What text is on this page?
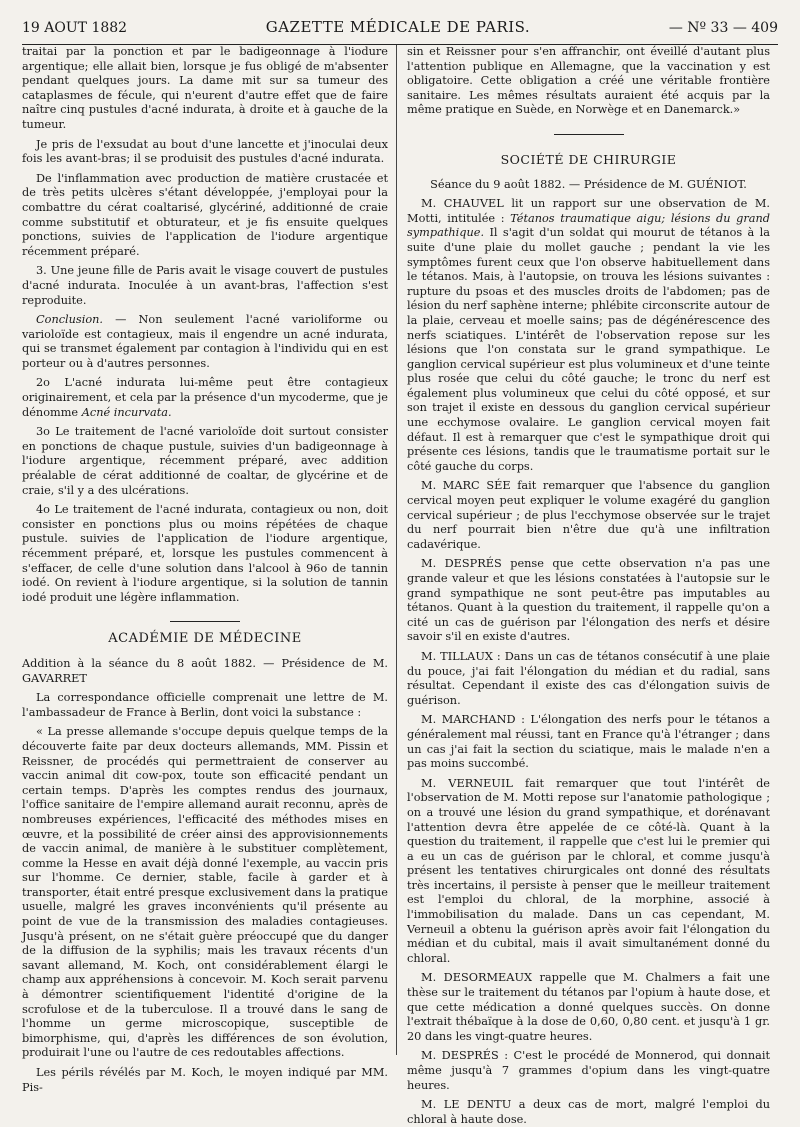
19 AOUT 1882	GAZETTE MÉDICALE DE PARIS.	— Nº 33 — 409

traitai par la ponction et par le badigeonnage à l'iodure argentique; elle allait bien, lorsque je fus obligé de m'absenter pendant quelques jours. La dame mit sur sa tumeur des cataplasmes de fécule, qui n'eurent d'autre effet que de faire naître cinq pustules d'acné indurata, à droite et à gauche de la tumeur.

Je pris de l'exsudat au bout d'une lancette et j'inoculai deux fois les avant-bras; il se produisit des pustules d'acné indurata.

De l'inflammation avec production de matière crustacée et de très petits ulcères s'étant développée, j'employai pour la combattre du cérat coaltarisé, glycériné, additionné de craie comme substitutif et obturateur, et je fis ensuite quelques ponctions, suivies de l'application de l'iodure argentique récemment préparé.

3. Une jeune fille de Paris avait le visage couvert de pustules d'acné indurata. Inoculée à un avant-bras, l'affection s'est reproduite.

Conclusion. — Non seulement l'acné varioliforme ou varioloïde est contagieux, mais il engendre un acné indurata, qui se transmet également par contagion à l'individu qui en est porteur ou à d'autres personnes.

2o L'acné indurata lui-même peut être contagieux originairement, et cela par la présence d'un mycoderme, que je dénomme Acné incurvata.

3o Le traitement de l'acné varioloïde doit surtout consister en ponctions de chaque pustule, suivies d'un badigeonnage à l'iodure argentique, récemment préparé, avec addition préalable de cérat additionné de coaltar, de glycérine et de craie, s'il y a des ulcérations.

4o Le traitement de l'acné indurata, contagieux ou non, doit consister en ponctions plus ou moins répétées de chaque pustule. suivies de l'application de l'iodure argentique, récemment préparé, et, lorsque les pustules commencent à s'effacer, de celle d'une solution dans l'alcool à 96o de tannin iodé. On revient à l'iodure argentique, si la solution de tannin iodé produit une légère inflammation.

ACADÉMIE DE MÉDECINE

Addition à la séance du 8 août 1882. — Présidence de M. GAVARRET

La correspondance officielle comprenait une lettre de M. l'ambassadeur de France à Berlin, dont voici la substance :

« La presse allemande s'occupe depuis quelque temps de la découverte faite par deux docteurs allemands, MM. Pissin et Reissner, de procédés qui permettraient de conserver au vaccin animal dit cow-pox, toute son efficacité pendant un certain temps. D'après les comptes rendus des journaux, l'office sanitaire de l'empire allemand aurait reconnu, après de nombreuses expériences, l'efficacité des méthodes mises en œuvre, et la possibilité de créer ainsi des approvisionnements de vaccin animal, de manière à le substituer complètement, comme la Hesse en avait déjà donné l'exemple, au vaccin pris sur l'homme. Ce dernier, stable, facile à garder et à transporter, était entré presque exclusivement dans la pratique usuelle, malgré les graves inconvénients qu'il présente au point de vue de la transmission des maladies contagieuses. Jusqu'à présent, on ne s'était guère préoccupé que du danger de la diffusion de la syphilis; mais les travaux récents d'un savant allemand, M. Koch, ont considérablement élargi le champ aux appréhensions à concevoir. M. Koch serait parvenu à démontrer scientifiquement l'identité d'origine de la scrofulose et de la tuberculose. Il a trouvé dans le sang de l'homme un germe microscopique, susceptible de bimorphisme, qui, d'après les différences de son évolution, produirait l'une ou l'autre de ces redoutables affections.

Les périls révélés par M. Koch, le moyen indiqué par MM. Pis-

sin et Reissner pour s'en affranchir, ont éveillé d'autant plus l'attention publique en Allemagne, que la vaccination y est obligatoire. Cette obligation a créé une véritable frontière sanitaire. Les mêmes résultats auraient été acquis par la même pratique en Suède, en Norwège et en Danemarck.»

SOCIÉTÉ DE CHIRURGIE

Séance du 9 août 1882. — Présidence de M. GUÉNIOT.

M. CHAUVEL lit un rapport sur une observation de M. Motti, intitulée : Tétanos traumatique aigu; lésions du grand sympathique. Il s'agit d'un soldat qui mourut de tétanos à la suite d'une plaie du mollet gauche ; pendant la vie les symptômes furent ceux que l'on observe habituellement dans le tétanos. Mais, à l'autopsie, on trouva les lésions suivantes : rupture du psoas et des muscles droits de l'abdomen; pas de lésion du nerf saphène interne; phlébite circonscrite autour de la plaie, cerveau et moelle sains; pas de dégénérescence des nerfs sciatiques. L'intérêt de l'observation repose sur les lésions que l'on constata sur le grand sympathique. Le ganglion cervical supérieur est plus volumineux et d'une teinte plus rosée que celui du côté gauche; le tronc du nerf est également plus volumineux que celui du côté opposé, et sur son trajet il existe en dessous du ganglion cervical supérieur une ecchymose ovalaire. Le ganglion cervical moyen fait défaut. Il est à remarquer que c'est le sympathique droit qui présente ces lésions, tandis que le traumatisme portait sur le côté gauche du corps.

M. MARC SÉE fait remarquer que l'absence du ganglion cervical moyen peut expliquer le volume exagéré du ganglion cervical supérieur ; de plus l'ecchymose observée sur le trajet du nerf pourrait bien n'être due qu'à une infiltration cadavérique.

M. DESPRÉS pense que cette observation n'a pas une grande valeur et que les lésions constatées à l'autopsie sur le grand sympathique ne sont peut-être pas imputables au tétanos. Quant à la question du traitement, il rappelle qu'on a cité un cas de guérison par l'élongation des nerfs et désire savoir s'il en existe d'autres.

M. TILLAUX : Dans un cas de tétanos consécutif à une plaie du pouce, j'ai fait l'élongation du médian et du radial, sans résultat. Cependant il existe des cas d'élongation suivis de guérison.

M. MARCHAND : L'élongation des nerfs pour le tétanos a généralement mal réussi, tant en France qu'à l'étranger ; dans un cas j'ai fait la section du sciatique, mais le malade n'en a pas moins succombé.

M. VERNEUIL fait remarquer que tout l'intérêt de l'observation de M. Motti repose sur l'anatomie pathologique ; on a trouvé une lésion du grand sympathique, et dorénavant l'attention devra être appelée de ce côté-là. Quant à la question du traitement, il rappelle que c'est lui le premier qui a eu un cas de guérison par le chloral, et comme jusqu'à présent les tentatives chirurgicales ont donné des résultats très incertains, il persiste à penser que le meilleur traitement est l'emploi du chloral, de la morphine, associé à l'immobilisation du malade. Dans un cas cependant, M. Verneuil a obtenu la guérison après avoir fait l'élongation du médian et du cubital, mais il avait simultanément donné du chloral.

M. DESORMEAUX rappelle que M. Chalmers a fait une thèse sur le traitement du tétanos par l'opium à haute dose, et que cette médication a donné quelques succès. On donne l'extrait thébaïque à la dose de 0,60, 0,80 cent. et jusqu'à 1 gr. 20 dans les vingt-quatre heures.

M. DESPRÉS : C'est le procédé de Monnerod, qui donnait même jusqu'à 7 grammes d'opium dans les vingt-quatre heures.

M. LE DENTU a deux cas de mort, malgré l'emploi du chloral à haute dose.
